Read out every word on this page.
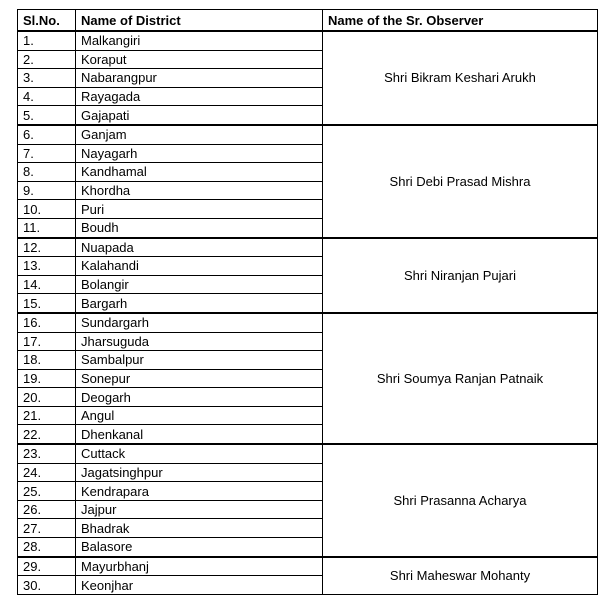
Sl.No.	Name of District	Name of the Sr. Observer
1.	Malkangiri	Shri Bikram Keshari Arukh
2.	Koraput	
3.	Nabarangpur	
4.	Rayagada	
5.	Gajapati	
6.	Ganjam	Shri Debi Prasad Mishra
7.	Nayagarh	
8.	Kandhamal	
9.	Khordha	
10.	Puri	
11.	Boudh	
12.	Nuapada	Shri Niranjan Pujari
13.	Kalahandi	
14.	Bolangir	
15.	Bargarh	
16.	Sundargarh	Shri Soumya Ranjan Patnaik
17.	Jharsuguda	
18.	Sambalpur	
19.	Sonepur	
20.	Deogarh	
21.	Angul	
22.	Dhenkanal	
23.	Cuttack	Shri Prasanna Acharya
24.	Jagatsinghpur	
25.	Kendrapara	
26.	Jajpur	
27.	Bhadrak	
28.	Balasore	
29.	Mayurbhanj	Shri Maheswar Mohanty
30.	Keonjhar	
